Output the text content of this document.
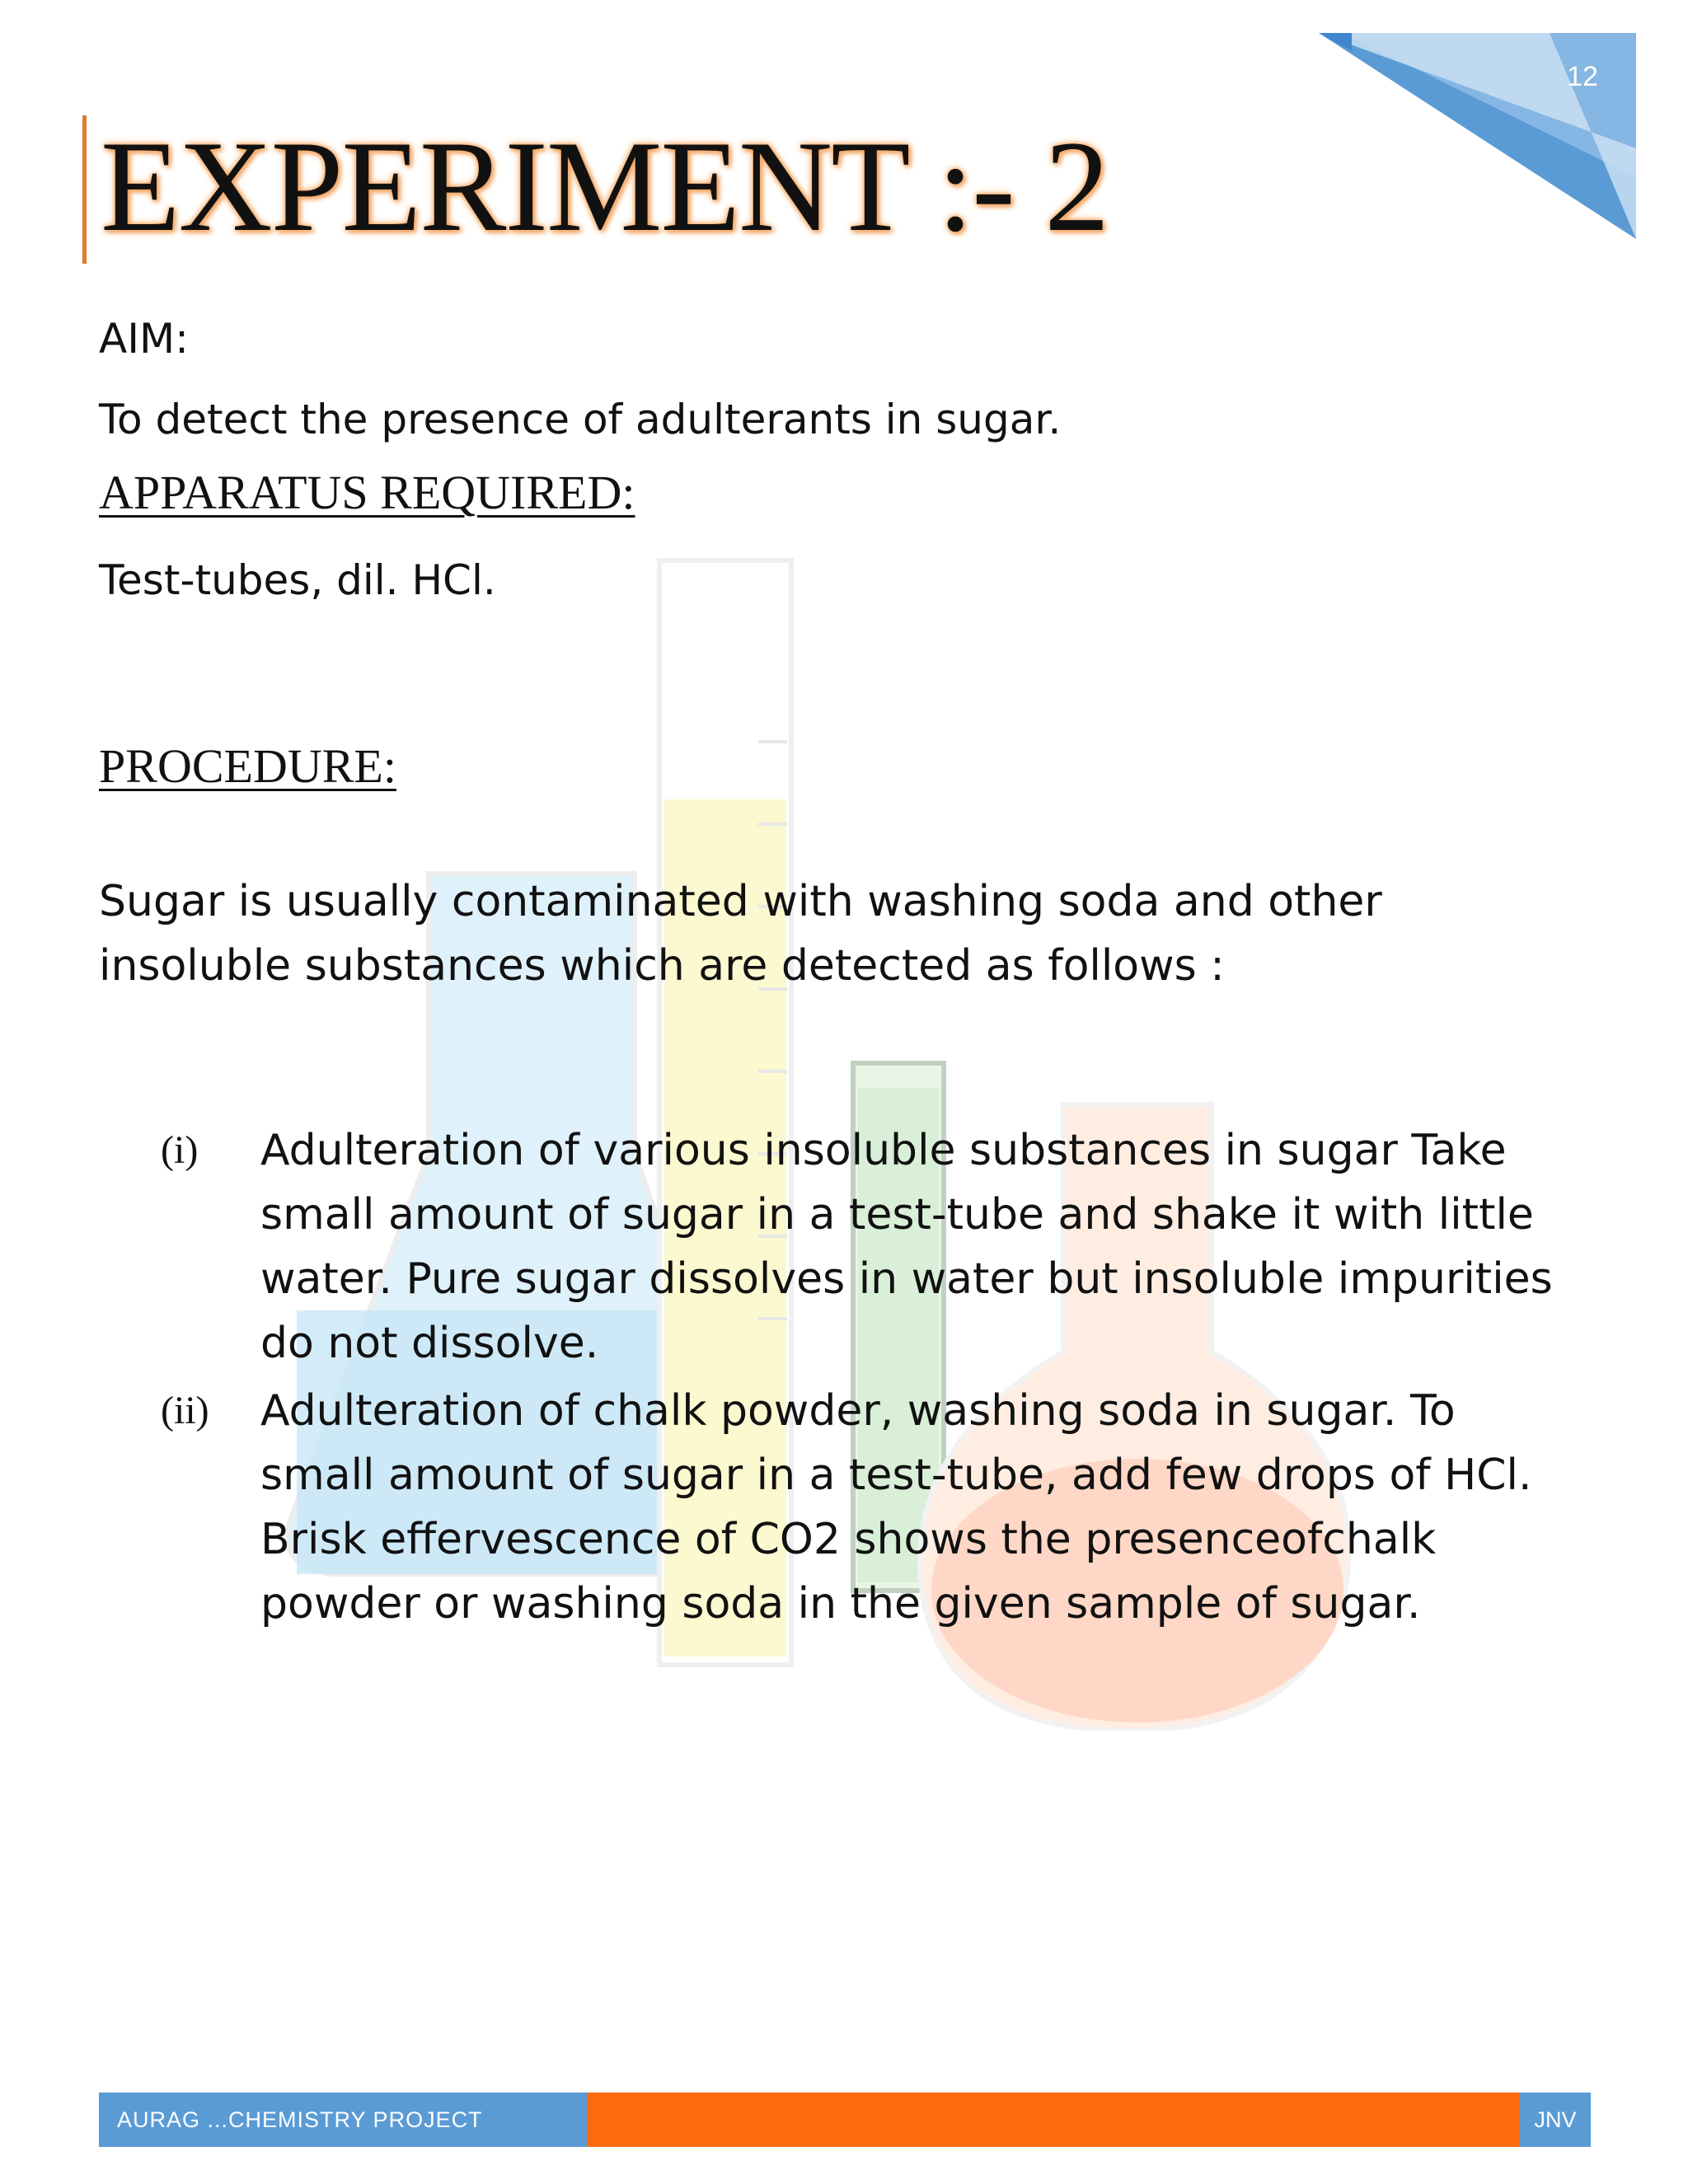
12
EXPERIMENT :- 2

AIM:

To detect the presence of adulterants in sugar.

APPARATUS REQUIRED:

Test-tubes, dil. HCl.

PROCEDURE:

Sugar is usually contaminated with washing soda and other insoluble substances which are detected as follows :

(i)	Adulteration of various insoluble substances in sugar Take small amount of sugar in a test-tube and shake it with little water. Pure sugar dissolves in water but insoluble impurities do not dissolve.

(ii)	Adulteration of chalk powder, washing soda in sugar. To small amount of sugar in a test-tube, add few drops of HCl. Brisk effervescence of CO2 shows the presenceofchalk powder or washing soda in the given sample of sugar.

AURAG ...CHEMISTRY PROJECT	JNV
